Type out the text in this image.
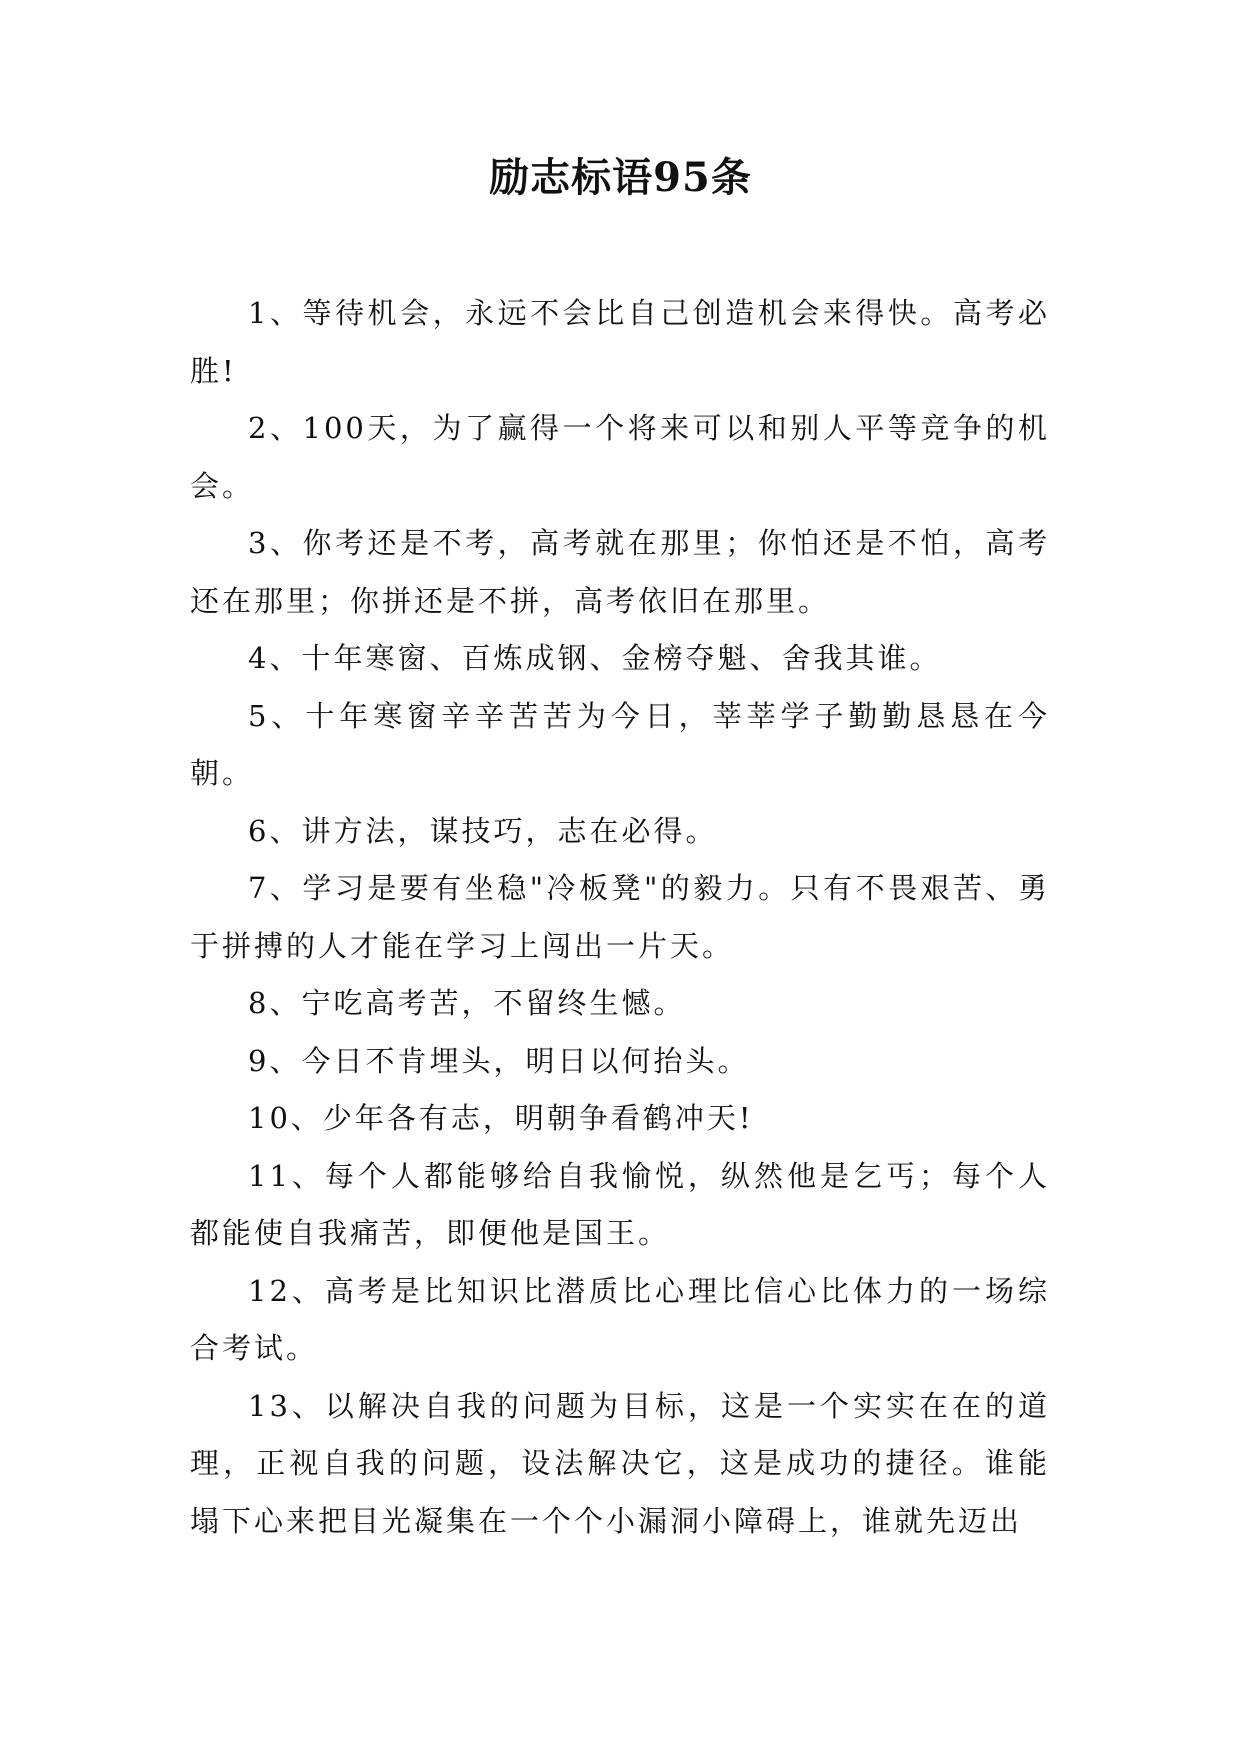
励志标语95条

1、等待机会，永远不会比自己创造机会来得快。高考必胜!

2、100天，为了赢得一个将来可以和别人平等竞争的机会。

3、你考还是不考，高考就在那里；你怕还是不怕，高考还在那里；你拼还是不拼，高考依旧在那里。

4、十年寒窗、百炼成钢、金榜夺魁、舍我其谁。

5、十年寒窗辛辛苦苦为今日，莘莘学子勤勤恳恳在今朝。

6、讲方法，谋技巧，志在必得。

7、学习是要有坐稳"冷板凳"的毅力。只有不畏艰苦、勇于拼搏的人才能在学习上闯出一片天。

8、宁吃高考苦，不留终生憾。

9、今日不肯埋头，明日以何抬头。

10、少年各有志，明朝争看鹤冲天!

11、每个人都能够给自我愉悦，纵然他是乞丐；每个人都能使自我痛苦，即便他是国王。

12、高考是比知识比潜质比心理比信心比体力的一场综合考试。

13、以解决自我的问题为目标，这是一个实实在在的道理，正视自我的问题，设法解决它，这是成功的捷径。谁能塌下心来把目光凝集在一个个小漏洞小障碍上，谁就先迈出
